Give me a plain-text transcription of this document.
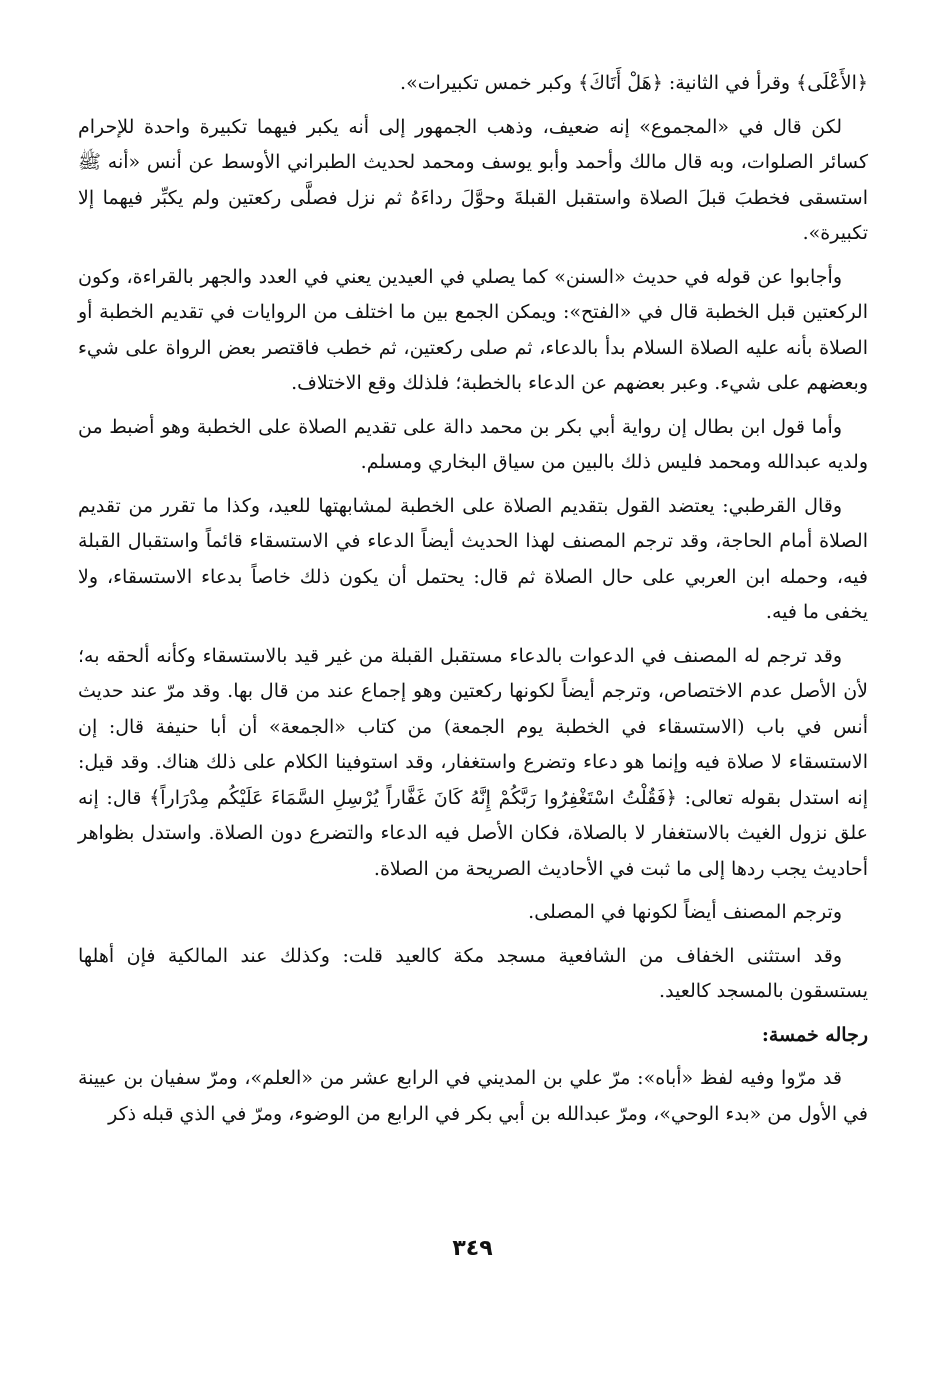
﴿الأَعْلَى﴾ وقرأ في الثانية: ﴿هَلْ أَتَاكَ﴾ وكبر خمس تكبيرات».

لكن قال في «المجموع» إنه ضعيف، وذهب الجمهور إلى أنه يكبر فيهما تكبيرة واحدة للإحرام كسائر الصلوات، وبه قال مالك وأحمد وأبو يوسف ومحمد لحديث الطبراني الأوسط عن أنس «أنه ﷺ استسقى فخطبَ قبلَ الصلاة واستقبل القبلةَ وحوَّلَ رداءَهُ ثم نزل فصلَّى ركعتين ولم يكبِّر فيهما إلا تكبيرة».

وأجابوا عن قوله في حديث «السنن» كما يصلي في العيدين يعني في العدد والجهر بالقراءة، وكون الركعتين قبل الخطبة قال في «الفتح»: ويمكن الجمع بين ما اختلف من الروايات في تقديم الخطبة أو الصلاة بأنه عليه الصلاة السلام بدأ بالدعاء، ثم صلى ركعتين، ثم خطب فاقتصر بعض الرواة على شيء وبعضهم على شيء. وعبر بعضهم عن الدعاء بالخطبة؛ فلذلك وقع الاختلاف.

وأما قول ابن بطال إن رواية أبي بكر بن محمد دالة على تقديم الصلاة على الخطبة وهو أضبط من ولديه عبدالله ومحمد فليس ذلك بالبين من سياق البخاري ومسلم.

وقال القرطبي: يعتضد القول بتقديم الصلاة على الخطبة لمشابهتها للعيد، وكذا ما تقرر من تقديم الصلاة أمام الحاجة، وقد ترجم المصنف لهذا الحديث أيضاً الدعاء في الاستسقاء قائماً واستقبال القبلة فيه، وحمله ابن العربي على حال الصلاة ثم قال: يحتمل أن يكون ذلك خاصاً بدعاء الاستسقاء، ولا يخفى ما فيه.

وقد ترجم له المصنف في الدعوات بالدعاء مستقبل القبلة من غير قيد بالاستسقاء وكأنه ألحقه به؛ لأن الأصل عدم الاختصاص، وترجم أيضاً لكونها ركعتين وهو إجماع عند من قال بها. وقد مرّ عند حديث أنس في باب (الاستسقاء في الخطبة يوم الجمعة) من كتاب «الجمعة» أن أبا حنيفة قال: إن الاستسقاء لا صلاة فيه وإنما هو دعاء وتضرع واستغفار، وقد استوفينا الكلام على ذلك هناك. وقد قيل: إنه استدل بقوله تعالى: ﴿فَقُلْتُ اسْتَغْفِرُوا رَبَّكُمْ إِنَّهُ كَانَ غَفَّاراً يُرْسِلِ السَّمَاءَ عَلَيْكُم مِدْرَاراً﴾ قال: إنه علق نزول الغيث بالاستغفار لا بالصلاة، فكان الأصل فيه الدعاء والتضرع دون الصلاة. واستدل بظواهر أحاديث يجب ردها إلى ما ثبت في الأحاديث الصريحة من الصلاة.

وترجم المصنف أيضاً لكونها في المصلى.

وقد استثنى الخفاف من الشافعية مسجد مكة كالعيد قلت: وكذلك عند المالكية فإن أهلها يستسقون بالمسجد كالعيد.

رجاله خمسة:

قد مرّوا وفيه لفظ «أباه»: مرّ علي بن المديني في الرابع عشر من «العلم»، ومرّ سفيان بن عيينة في الأول من «بدء الوحي»، ومرّ عبدالله بن أبي بكر في الرابع من الوضوء، ومرّ في الذي قبله ذكر

٣٤٩
